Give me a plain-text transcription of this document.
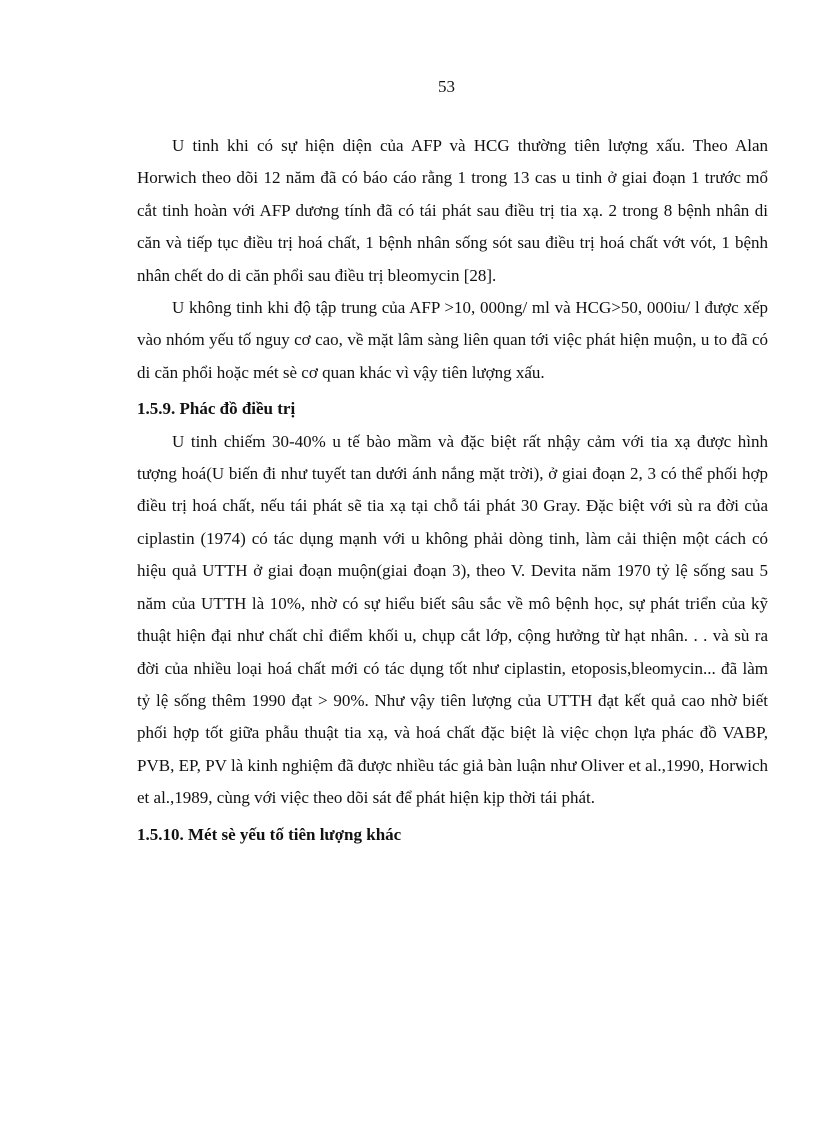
53

U tinh khi có sự hiện diện của AFP và HCG thường tiên lượng xấu. Theo Alan Horwich theo dõi 12 năm đã có báo cáo rằng 1 trong 13 cas u tinh ở giai đoạn 1 trước mổ cắt tinh hoàn với AFP dương tính đã có tái phát sau điều trị tia xạ. 2 trong 8 bệnh nhân di căn và tiếp tục điều trị hoá chất, 1 bệnh nhân sống sót sau điều trị hoá chất vớt vót, 1 bệnh nhân chết do di căn phổi sau điều trị bleomycin [28].

U không tinh khi độ tập trung của AFP >10, 000ng/ ml và HCG>50, 000iu/ l được xếp vào nhóm yếu tố nguy cơ cao, về mặt lâm sàng liên quan tới việc phát hiện muộn, u to đã có di căn phổi hoặc mét sè cơ quan khác vì vậy tiên lượng xấu.

1.5.9. Phác đồ điều trị

U tinh chiếm 30-40% u tế bào mầm và đặc biệt rất nhậy cảm với tia xạ được hình tượng hoá(U biến đi như tuyết tan dưới ánh nắng mặt trời), ở giai đoạn 2, 3 có thể phối hợp điều trị hoá chất, nếu tái phát sẽ tia xạ tại chỗ tái phát 30 Gray. Đặc biệt với sù ra đời của ciplastin (1974) có tác dụng mạnh với u không phải dòng tinh, làm cải thiện một cách có hiệu quả UTTH ở giai đoạn muộn(giai đoạn 3), theo V. Devita năm 1970 tỷ lệ sống sau 5 năm của UTTH là 10%, nhờ có sự hiểu biết sâu sắc về mô bệnh học, sự phát triển của kỹ thuật hiện đại như chất chỉ điểm khối u, chụp cắt lớp, cộng hưởng từ hạt nhân. . . và sù ra đời của nhiều loại hoá chất mới có tác dụng tốt như ciplastin, etoposis,bleomycin... đã làm tỷ lệ sống thêm 1990 đạt > 90%. Như vậy tiên lượng của UTTH đạt kết quả cao nhờ biết phối hợp tốt giữa phẫu thuật tia xạ, và hoá chất đặc biệt là việc chọn lựa phác đồ VABP, PVB, EP, PV là kinh nghiệm đã được nhiều tác giả bàn luận như Oliver et al.,1990, Horwich et al.,1989, cùng với việc theo dõi sát để phát hiện kịp thời tái phát.

1.5.10. Mét sè yếu tố tiên lượng khác
